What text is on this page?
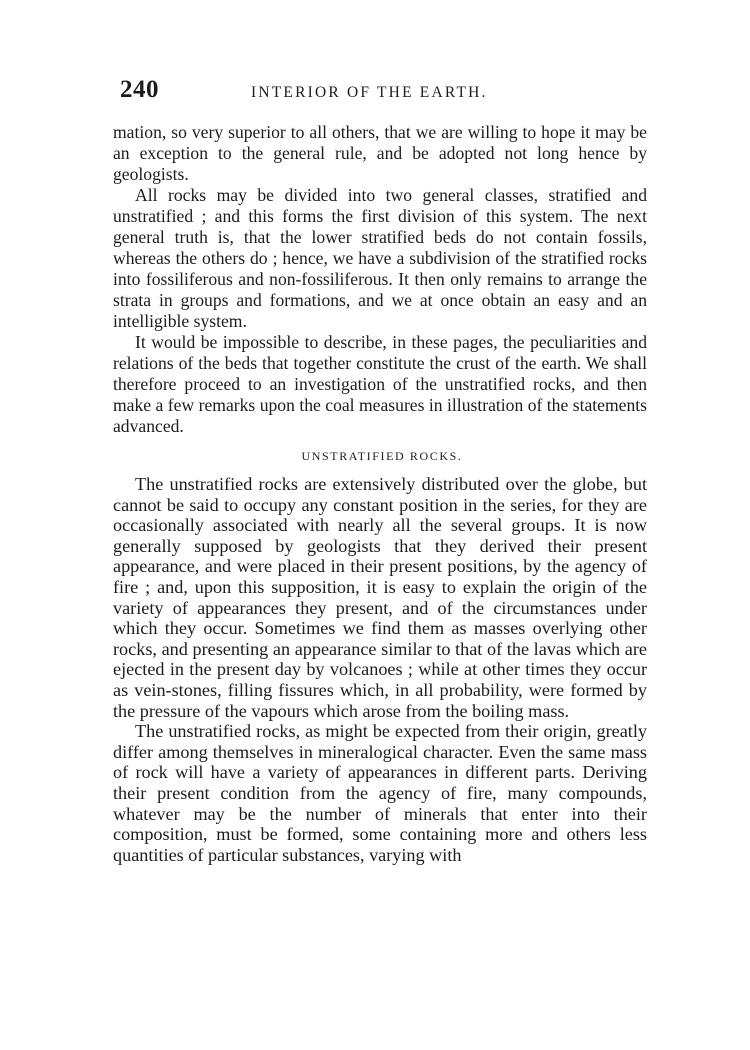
240	INTERIOR OF THE EARTH.

mation, so very superior to all others, that we are willing to hope it may be an exception to the general rule, and be adopted not long hence by geologists.

All rocks may be divided into two general classes, stratified and unstratified ; and this forms the first division of this system. The next general truth is, that the lower stratified beds do not contain fossils, whereas the others do ; hence, we have a subdivision of the stratified rocks into fossiliferous and non-fossiliferous. It then only remains to arrange the strata in groups and formations, and we at once obtain an easy and an intelligible system.

It would be impossible to describe, in these pages, the peculiarities and relations of the beds that together constitute the crust of the earth. We shall therefore proceed to an investigation of the unstratified rocks, and then make a few remarks upon the coal measures in illustration of the statements advanced.

UNSTRATIFIED ROCKS.

The unstratified rocks are extensively distributed over the globe, but cannot be said to occupy any constant position in the series, for they are occasionally associated with nearly all the several groups. It is now generally supposed by geologists that they derived their present appearance, and were placed in their present positions, by the agency of fire ; and, upon this supposition, it is easy to explain the origin of the variety of appearances they present, and of the circumstances under which they occur. Sometimes we find them as masses overlying other rocks, and presenting an appearance similar to that of the lavas which are ejected in the present day by volcanoes ; while at other times they occur as vein-stones, filling fissures which, in all probability, were formed by the pressure of the vapours which arose from the boiling mass.

The unstratified rocks, as might be expected from their origin, greatly differ among themselves in mineralogical character. Even the same mass of rock will have a variety of appearances in different parts. Deriving their present condition from the agency of fire, many compounds, whatever may be the number of minerals that enter into their composition, must be formed, some containing more and others less quantities of particular substances, varying with
